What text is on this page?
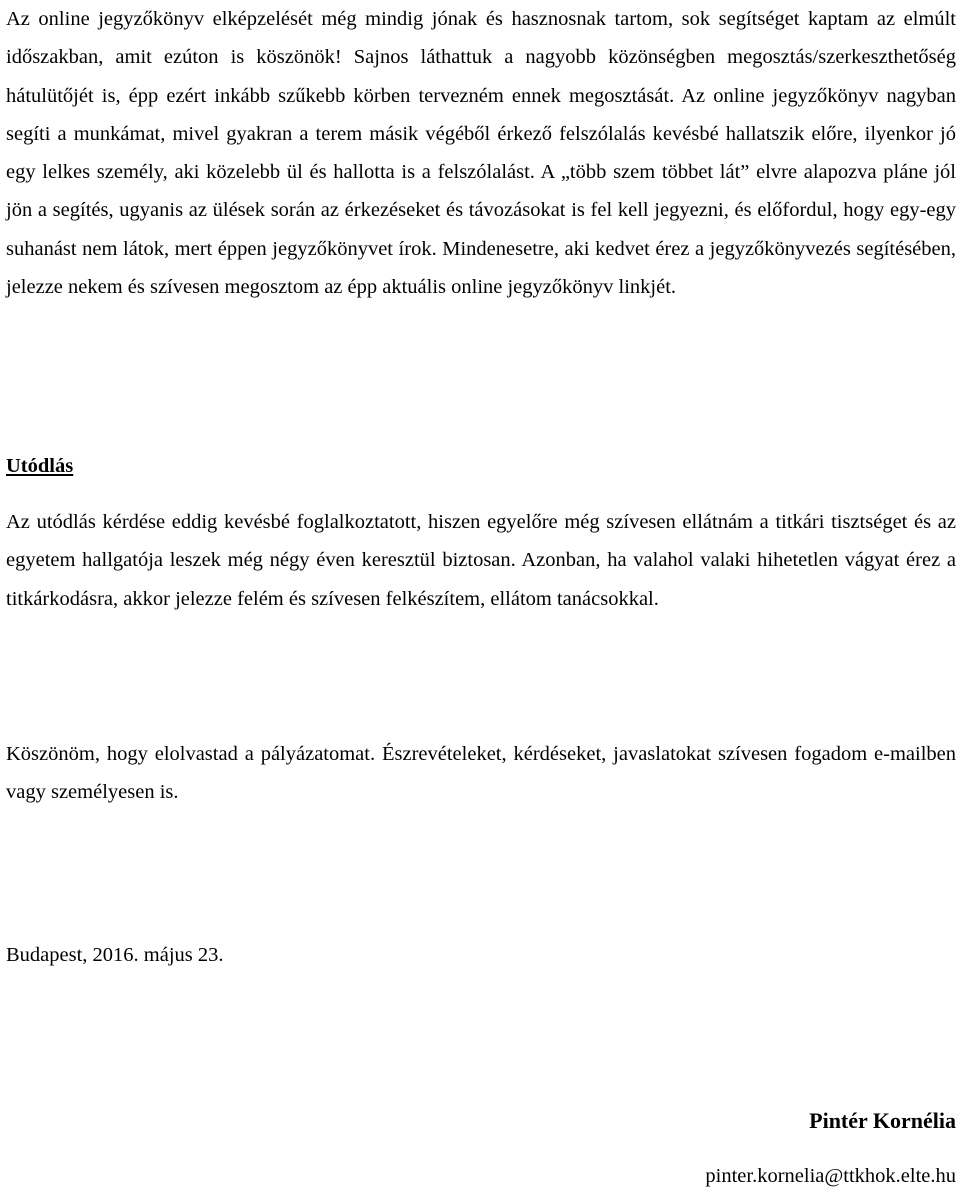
Az online jegyzőkönyv elképzelését még mindig jónak és hasznosnak tartom, sok segítséget kaptam az elmúlt időszakban, amit ezúton is köszönök! Sajnos láthattuk a nagyobb közönségben megosztás/szerkeszthetőség hátulütőjét is, épp ezért inkább szűkebb körben tervezném ennek megosztását. Az online jegyzőkönyv nagyban segíti a munkámat, mivel gyakran a terem másik végéből érkező felszólalás kevésbé hallatszik előre, ilyenkor jó egy lelkes személy, aki közelebb ül és hallotta is a felszólalást. A „több szem többet lát” elvre alapozva pláne jól jön a segítés, ugyanis az ülések során az érkezéseket és távozásokat is fel kell jegyezni, és előfordul, hogy egy-egy suhanást nem látok, mert éppen jegyzőkönyvet írok. Mindenesetre, aki kedvet érez a jegyzőkönyvezés segítésében, jelezze nekem és szívesen megosztom az épp aktuális online jegyzőkönyv linkjét.

Utódlás

Az utódlás kérdése eddig kevésbé foglalkoztatott, hiszen egyelőre még szívesen ellátnám a titkári tisztséget és az egyetem hallgatója leszek még négy éven keresztül biztosan. Azonban, ha valahol valaki hihetetlen vágyat érez a titkárkodásra, akkor jelezze felém és szívesen felkészítem, ellátom tanácsokkal.

Köszönöm, hogy elolvastad a pályázatomat. Észrevételeket, kérdéseket, javaslatokat szívesen fogadom e-mailben vagy személyesen is.

Budapest, 2016. május 23.
Pintér Kornélia
pinter.kornelia@ttkhok.elte.hu
